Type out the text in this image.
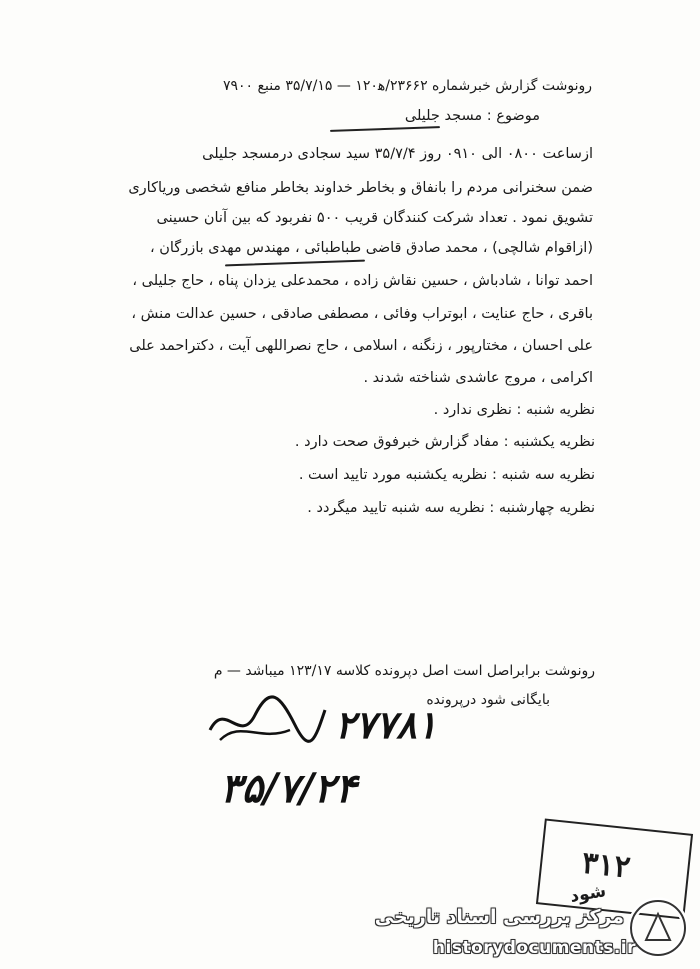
رونوشت گزارش خبرشماره ۲۳۶۶۲/ه‍۱۲۰ — ۳۵/۷/۱۵ منبع ۷۹۰۰
موضوع : مسجد جلیلی
ازساعت ۰۸۰۰ الی ۰۹۱۰ روز ۳۵/۷/۴ سید سجادی درمسجد جلیلی
ضمن سخنرانی مردم را بانفاق و بخاطر خداوند بخاطر منافع شخصی وریاکاری
تشویق نمود . تعداد شرکت کنندگان قریب ۵۰۰ نفربود که بین آنان حسینی
(ازاقوام شالچی) ، محمد صادق قاضی طباطبائی ، مهندس مهدی بازرگان ،
احمد توانا ، شادباش ، حسین نقاش زاده ، محمدعلی یزدان پناه ، حاج جلیلی ،
باقری ، حاج عنایت ، ابوتراب وفائی ، مصطفی صادقی ، حسین عدالت منش ،
علی احسان ، مختارپور ، زنگنه ، اسلامی ، حاج نصراللهی آیت ، دکتراحمد علی
اکرامی ، مروج عاشدی شناخته شدند .
نظریه شنبه : نظری ندارد .
نظریه یکشنبه : مفاد گزارش خبرفوق صحت دارد .
نظریه سه شنبه : نظریه یکشنبه مورد تایید است .
نظریه چهارشنبه : نظریه سه شنبه تایید میگردد .
رونوشت برابراصل است اصل دپرونده کلاسه ۱۲۳/۱۷ میباشد — م
بایگانی شود درپرونده
۲۷۷۸۱
۳۵/۷/۲۴
۳۱۲
شود
مرکز بررسی اسناد تاریخی
historydocuments.ir
